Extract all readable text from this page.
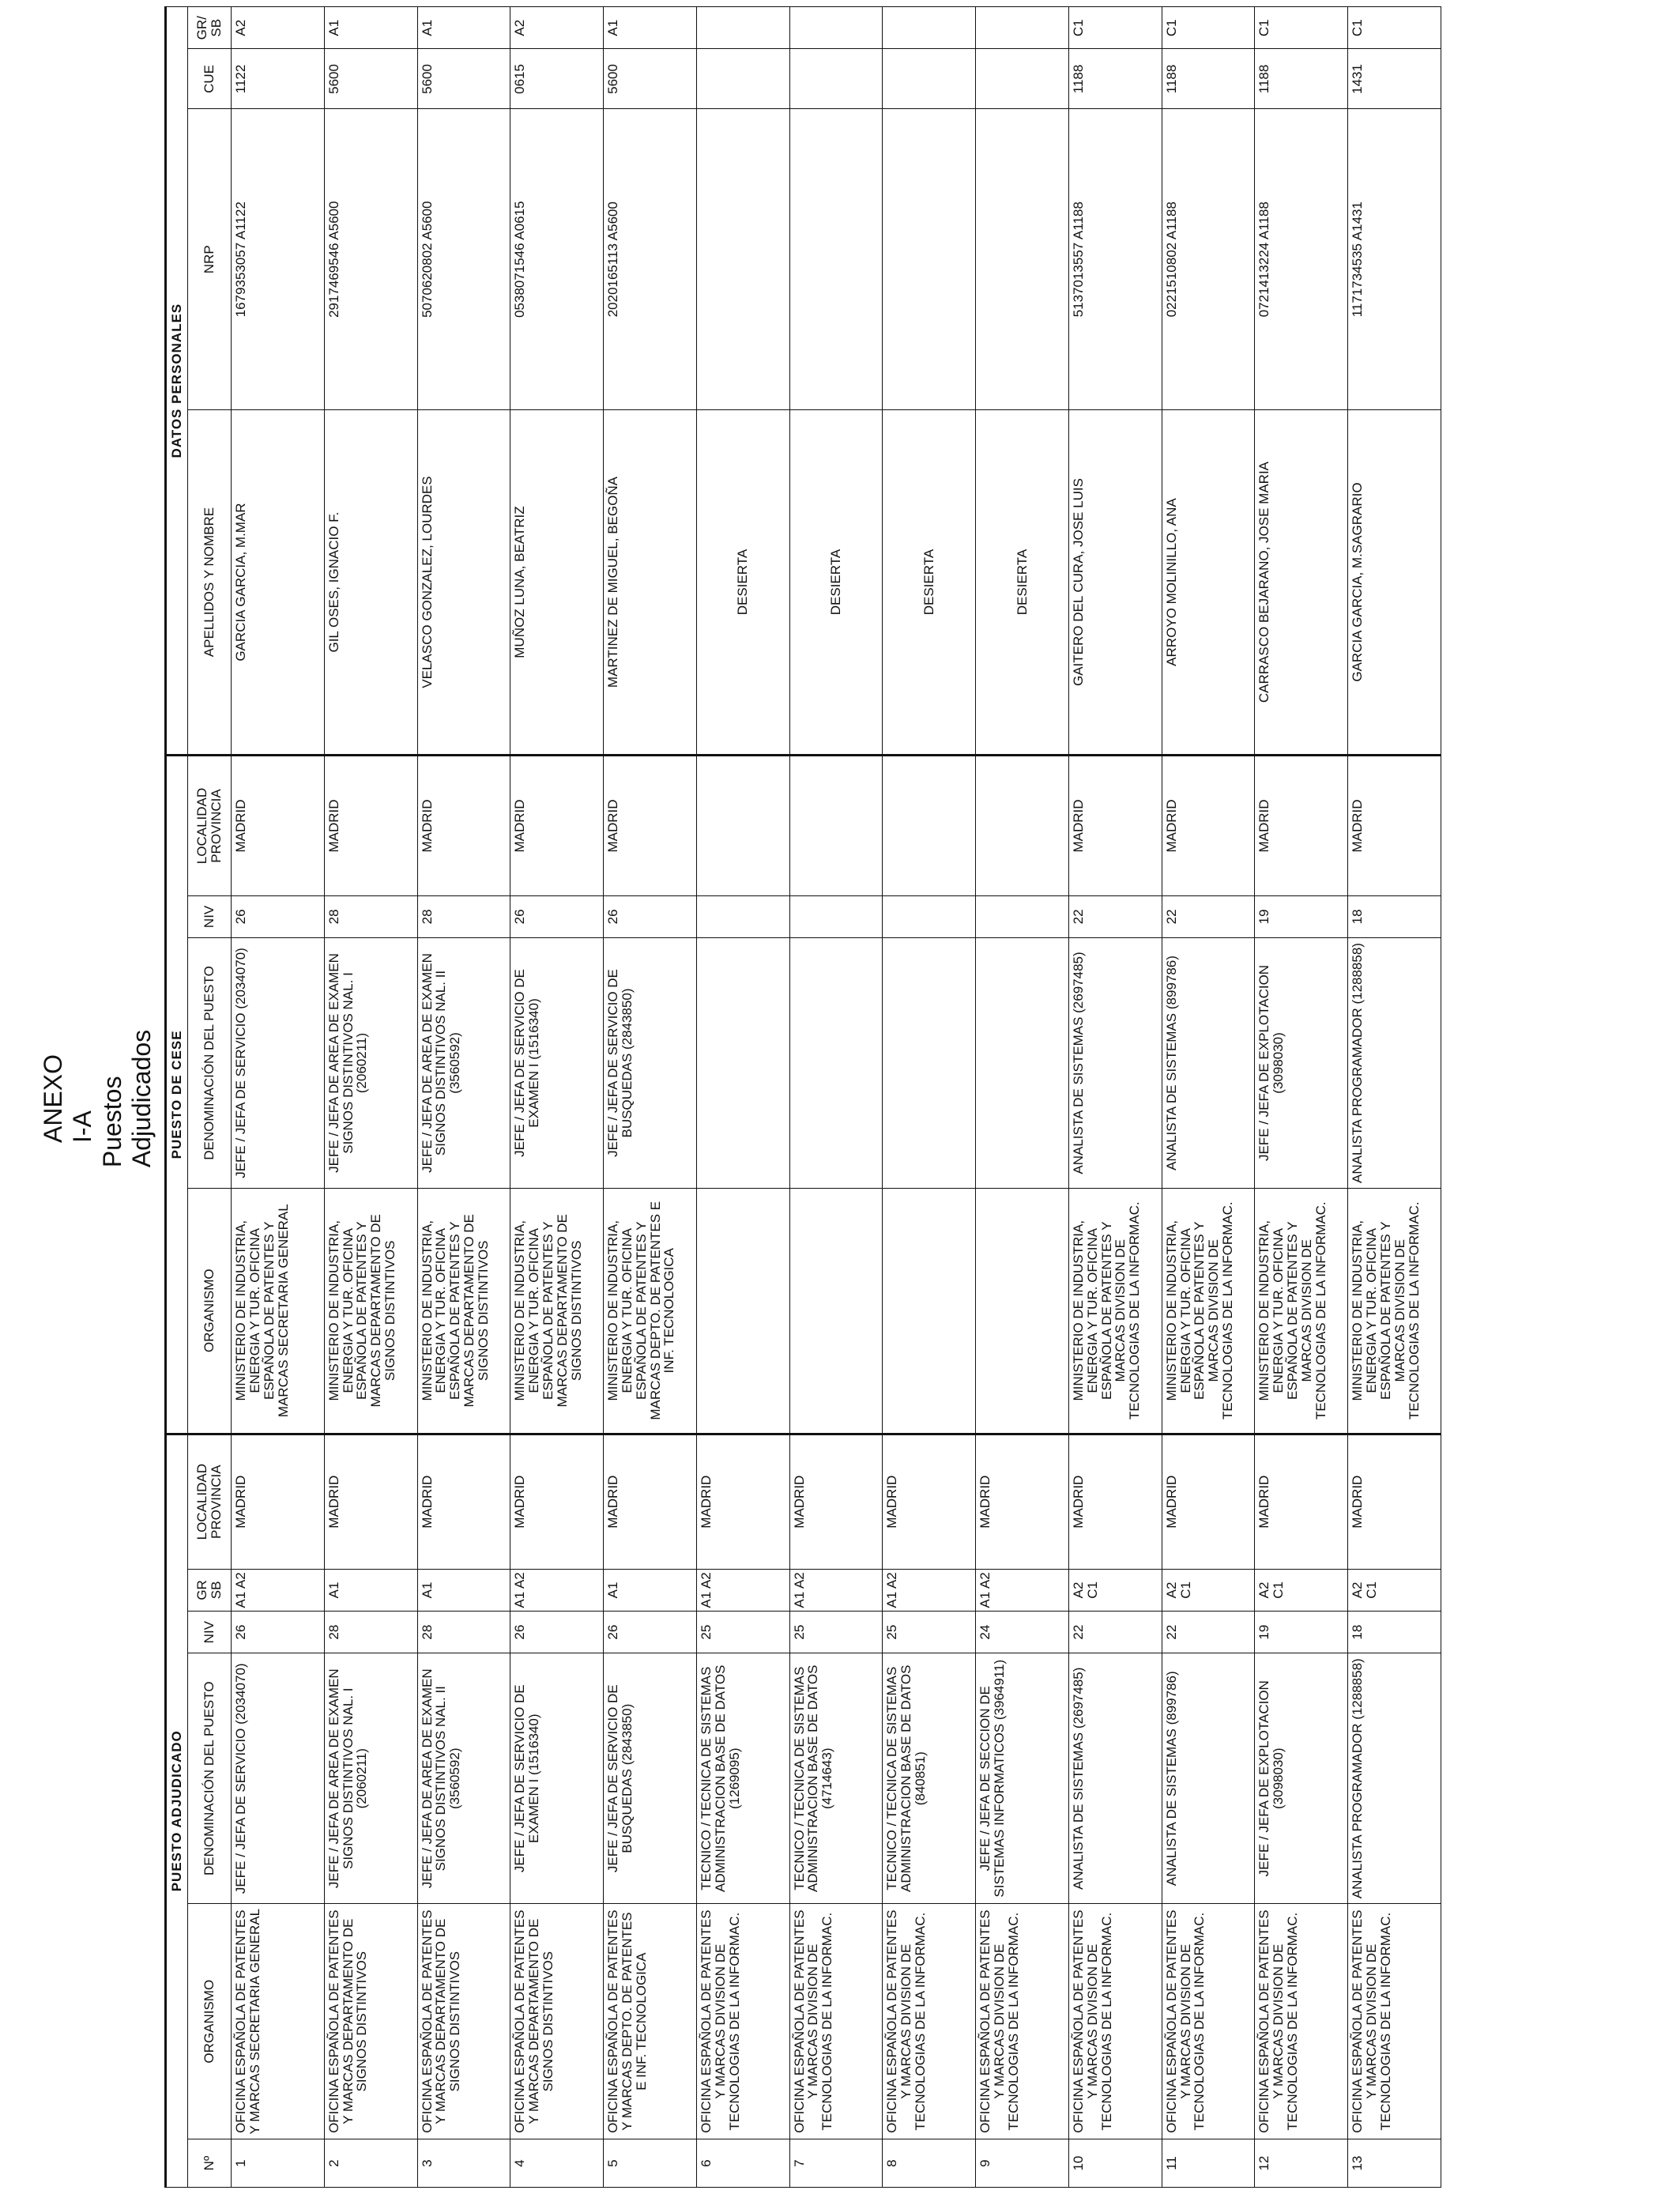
ANEXO I-A Puestos Adjudicados
PUESTO ADJUDICADO						PUESTO DE CESE				DATOS PERSONALES			
Nº	ORGANISMO	DENOMINACIÓN DEL PUESTO	NIV	GR SB	LOCALIDAD PROVINCIA	ORGANISMO	DENOMINACIÓN DEL PUESTO	NIV	LOCALIDAD PROVINCIA	APELLIDOS Y NOMBRE	NRP	CUE	GR/ SB
1	OFICINA ESPAÑOLA DE PATENTES Y MARCAS SECRETARIA GENERAL	JEFE / JEFA DE SERVICIO (2034070)	26	A1 A2	MADRID	MINISTERIO DE INDUSTRIA, ENERGIA Y TUR. OFICINA ESPAÑOLA DE PATENTES Y MARCAS SECRETARIA GENERAL	JEFE / JEFA DE SERVICIO (2034070)	26	MADRID	GARCIA GARCIA, M.MAR	1679353057 A1122	1122	A2
2	OFICINA ESPAÑOLA DE PATENTES Y MARCAS DEPARTAMENTO DE SIGNOS DISTINTIVOS	JEFE / JEFA DE AREA DE EXAMEN SIGNOS DISTINTIVOS NAL. I (2060211)	28	A1	MADRID	MINISTERIO DE INDUSTRIA, ENERGIA Y TUR. OFICINA ESPAÑOLA DE PATENTES Y MARCAS DEPARTAMENTO DE SIGNOS DISTINTIVOS	JEFE / JEFA DE AREA DE EXAMEN SIGNOS DISTINTIVOS NAL. I (2060211)	28	MADRID	GIL OSES, IGNACIO F.	2917469546 A5600	5600	A1
3	OFICINA ESPAÑOLA DE PATENTES Y MARCAS DEPARTAMENTO DE SIGNOS DISTINTIVOS	JEFE / JEFA DE AREA DE EXAMEN SIGNOS DISTINTIVOS NAL. II (3560592)	28	A1	MADRID	MINISTERIO DE INDUSTRIA, ENERGIA Y TUR. OFICINA ESPAÑOLA DE PATENTES Y MARCAS DEPARTAMENTO DE SIGNOS DISTINTIVOS	JEFE / JEFA DE AREA DE EXAMEN SIGNOS DISTINTIVOS NAL. II (3560592)	28	MADRID	VELASCO GONZALEZ, LOURDES	5070620802 A5600	5600	A1
4	OFICINA ESPAÑOLA DE PATENTES Y MARCAS DEPARTAMENTO DE SIGNOS DISTINTIVOS	JEFE / JEFA DE SERVICIO DE EXAMEN I (1516340)	26	A1 A2	MADRID	MINISTERIO DE INDUSTRIA, ENERGIA Y TUR. OFICINA ESPAÑOLA DE PATENTES Y MARCAS DEPARTAMENTO DE SIGNOS DISTINTIVOS	JEFE / JEFA DE SERVICIO DE EXAMEN I (1516340)	26	MADRID	MUÑOZ LUNA, BEATRIZ	0538071546 A0615	0615	A2
5	OFICINA ESPAÑOLA DE PATENTES Y MARCAS DEPTO. DE PATENTES E INF. TECNOLOGICA	JEFE / JEFA DE SERVICIO DE BUSQUEDAS (2843850)	26	A1	MADRID	MINISTERIO DE INDUSTRIA, ENERGIA Y TUR. OFICINA ESPAÑOLA DE PATENTES Y MARCAS DEPTO. DE PATENTES E INF. TECNOLOGICA	JEFE / JEFA DE SERVICIO DE BUSQUEDAS (2843850)	26	MADRID	MARTINEZ DE MIGUEL, BEGOÑA	2020165113 A5600	5600	A1
6	OFICINA ESPAÑOLA DE PATENTES Y MARCAS DIVISION DE TECNOLOGIAS DE LA INFORMAC.	TECNICO / TECNICA DE SISTEMAS ADMINISTRACION BASE DE DATOS (1269095)	25	A1 A2	MADRID					DESIERTA			
7	OFICINA ESPAÑOLA DE PATENTES Y MARCAS DIVISION DE TECNOLOGIAS DE LA INFORMAC.	TECNICO / TECNICA DE SISTEMAS ADMINISTRACION BASE DE DATOS (4714643)	25	A1 A2	MADRID					DESIERTA			
8	OFICINA ESPAÑOLA DE PATENTES Y MARCAS DIVISION DE TECNOLOGIAS DE LA INFORMAC.	TECNICO / TECNICA DE SISTEMAS ADMINISTRACION BASE DE DATOS (840851)	25	A1 A2	MADRID					DESIERTA			
9	OFICINA ESPAÑOLA DE PATENTES Y MARCAS DIVISION DE TECNOLOGIAS DE LA INFORMAC.	JEFE / JEFA DE SECCION DE SISTEMAS INFORMATICOS (3964911)	24	A1 A2	MADRID					DESIERTA			
10	OFICINA ESPAÑOLA DE PATENTES Y MARCAS DIVISION DE TECNOLOGIAS DE LA INFORMAC.	ANALISTA DE SISTEMAS (2697485)	22	A2 C1	MADRID	MINISTERIO DE INDUSTRIA, ENERGIA Y TUR. OFICINA ESPAÑOLA DE PATENTES Y MARCAS DIVISION DE TECNOLOGIAS DE LA INFORMAC.	ANALISTA DE SISTEMAS (2697485)	22	MADRID	GAITERO DEL CURA, JOSE LUIS	5137013557 A1188	1188	C1
11	OFICINA ESPAÑOLA DE PATENTES Y MARCAS DIVISION DE TECNOLOGIAS DE LA INFORMAC.	ANALISTA DE SISTEMAS (899786)	22	A2 C1	MADRID	MINISTERIO DE INDUSTRIA, ENERGIA Y TUR. OFICINA ESPAÑOLA DE PATENTES Y MARCAS DIVISION DE TECNOLOGIAS DE LA INFORMAC.	ANALISTA DE SISTEMAS (899786)	22	MADRID	ARROYO MOLINILLO, ANA	0221510802 A1188	1188	C1
12	OFICINA ESPAÑOLA DE PATENTES Y MARCAS DIVISION DE TECNOLOGIAS DE LA INFORMAC.	JEFE / JEFA DE EXPLOTACION (3098030)	19	A2 C1	MADRID	MINISTERIO DE INDUSTRIA, ENERGIA Y TUR. OFICINA ESPAÑOLA DE PATENTES Y MARCAS DIVISION DE TECNOLOGIAS DE LA INFORMAC.	JEFE / JEFA DE EXPLOTACION (3098030)	19	MADRID	CARRASCO BEJARANO, JOSE MARIA	0721413224 A1188	1188	C1
13	OFICINA ESPAÑOLA DE PATENTES Y MARCAS DIVISION DE TECNOLOGIAS DE LA INFORMAC.	ANALISTA PROGRAMADOR (1288858)	18	A2 C1	MADRID	MINISTERIO DE INDUSTRIA, ENERGIA Y TUR. OFICINA ESPAÑOLA DE PATENTES Y MARCAS DIVISION DE TECNOLOGIAS DE LA INFORMAC.	ANALISTA PROGRAMADOR (1288858)	18	MADRID	GARCIA GARCIA, M.SAGRARIO	1171734535 A1431	1431	C1
